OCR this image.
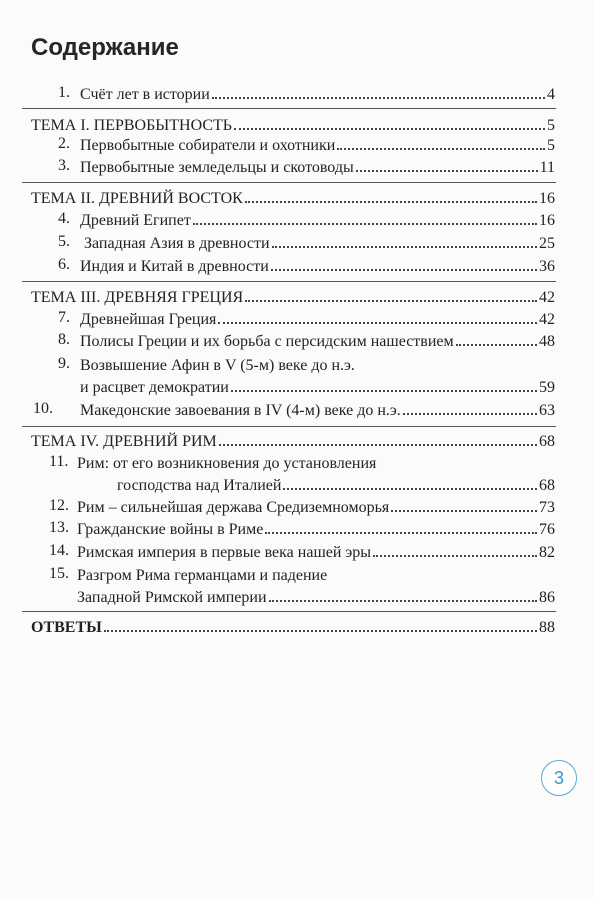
Содержание
1. Счёт лет в истории	4
ТЕМА I. ПЕРВОБЫТНОСТЬ	5
2. Первобытные собиратели и охотники	5
3. Первобытные земледельцы и скотоводы	11
ТЕМА II. ДРЕВНИЙ ВОСТОК	16
4. Древний Египет	16
5. Западная Азия в древности	25
6. Индия и Китай в древности	36
ТЕМА III. ДРЕВНЯЯ ГРЕЦИЯ	42
7. Древнейшая Греция	42
8. Полисы Греции и их борьба с персидским нашествием	48
9. Возвышение Афин в V (5-м) веке до н.э.
и расцвет демократии	59
10. Македонские завоевания в IV (4-м) веке до н.э.	63
ТЕМА IV. ДРЕВНИЙ РИМ	68
11. Рим: от его возникновения до установления
господства над Италией	68
12. Рим – сильнейшая держава Средиземноморья	73
13. Гражданские войны в Риме	76
14. Римская империя в первые века нашей эры	82
15. Разгром Рима германцами и падение
Западной Римской империи	86
ОТВЕТЫ	88
3
